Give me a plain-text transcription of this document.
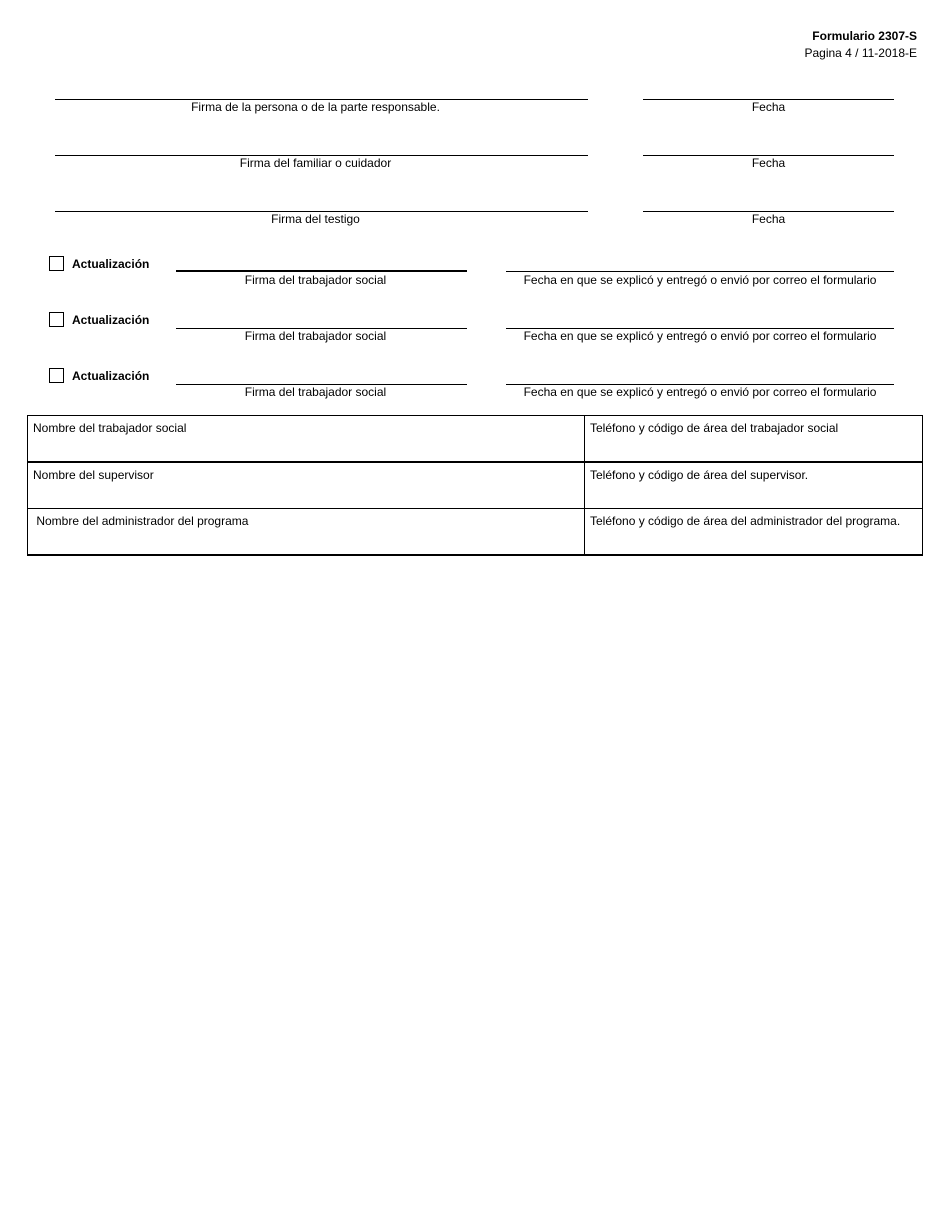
Formulario 2307-S
Pagina 4 / 11-2018-E
Firma de la persona o de la parte responsable.	Fecha
Firma del familiar o cuidador	Fecha
Firma del testigo	Fecha
Actualización
Firma del trabajador social	Fecha en que se explicó y entregó o envió por correo el formulario
Actualización
Firma del trabajador social	Fecha en que se explicó y entregó o envió por correo el formulario
Actualización
Firma del trabajador social	Fecha en que se explicó y entregó o envió por correo el formulario
Nombre del trabajador social	Teléfono y código de área del trabajador social
Nombre del supervisor	Teléfono y código de área del supervisor.
Nombre del administrador del programa	Teléfono y código de área del administrador del programa.
